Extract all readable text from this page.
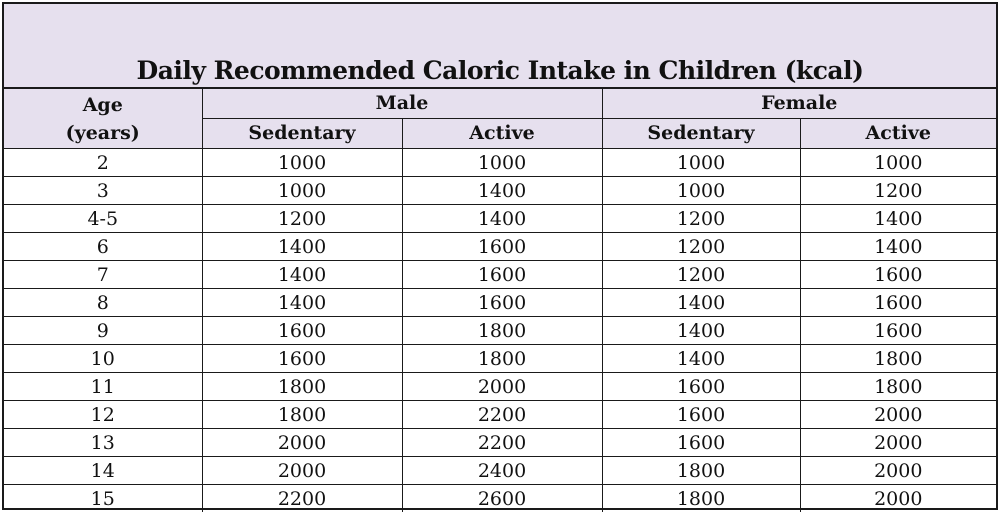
Daily Recommended Caloric Intake in Children (kcal)
Age
(years)	Male		Female	
	Sedentary	Active	Sedentary	Active
2	1000	1000	1000	1000
3	1000	1400	1000	1200
4-5	1200	1400	1200	1400
6	1400	1600	1200	1400
7	1400	1600	1200	1600
8	1400	1600	1400	1600
9	1600	1800	1400	1600
10	1600	1800	1400	1800
11	1800	2000	1600	1800
12	1800	2200	1600	2000
13	2000	2200	1600	2000
14	2000	2400	1800	2000
15	2200	2600	1800	2000
